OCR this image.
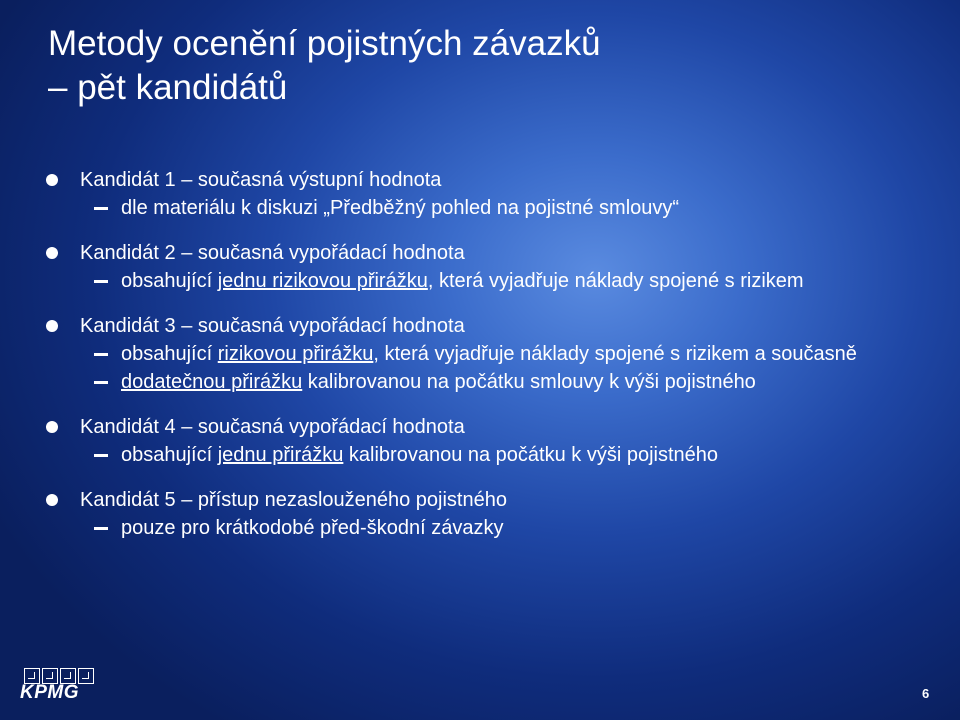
Metody ocenění pojistných závazků
– pět kandidátů
Kandidát 1 – současná výstupní hodnota
dle materiálu k diskuzi „Předběžný pohled na pojistné smlouvy“
Kandidát 2 – současná vypořádací hodnota
obsahující jednu rizikovou přirážku, která vyjadřuje náklady spojené s rizikem
Kandidát 3 – současná vypořádací hodnota
obsahující rizikovou přirážku, která vyjadřuje náklady spojené s rizikem a současně
dodatečnou přirážku kalibrovanou na počátku smlouvy k výši pojistného
Kandidát 4 – současná vypořádací hodnota
obsahující jednu přirážku kalibrovanou na počátku k výši pojistného
Kandidát 5 – přístup nezaslouženého pojistného
pouze pro krátkodobé před-škodní závazky
KPMG	6
